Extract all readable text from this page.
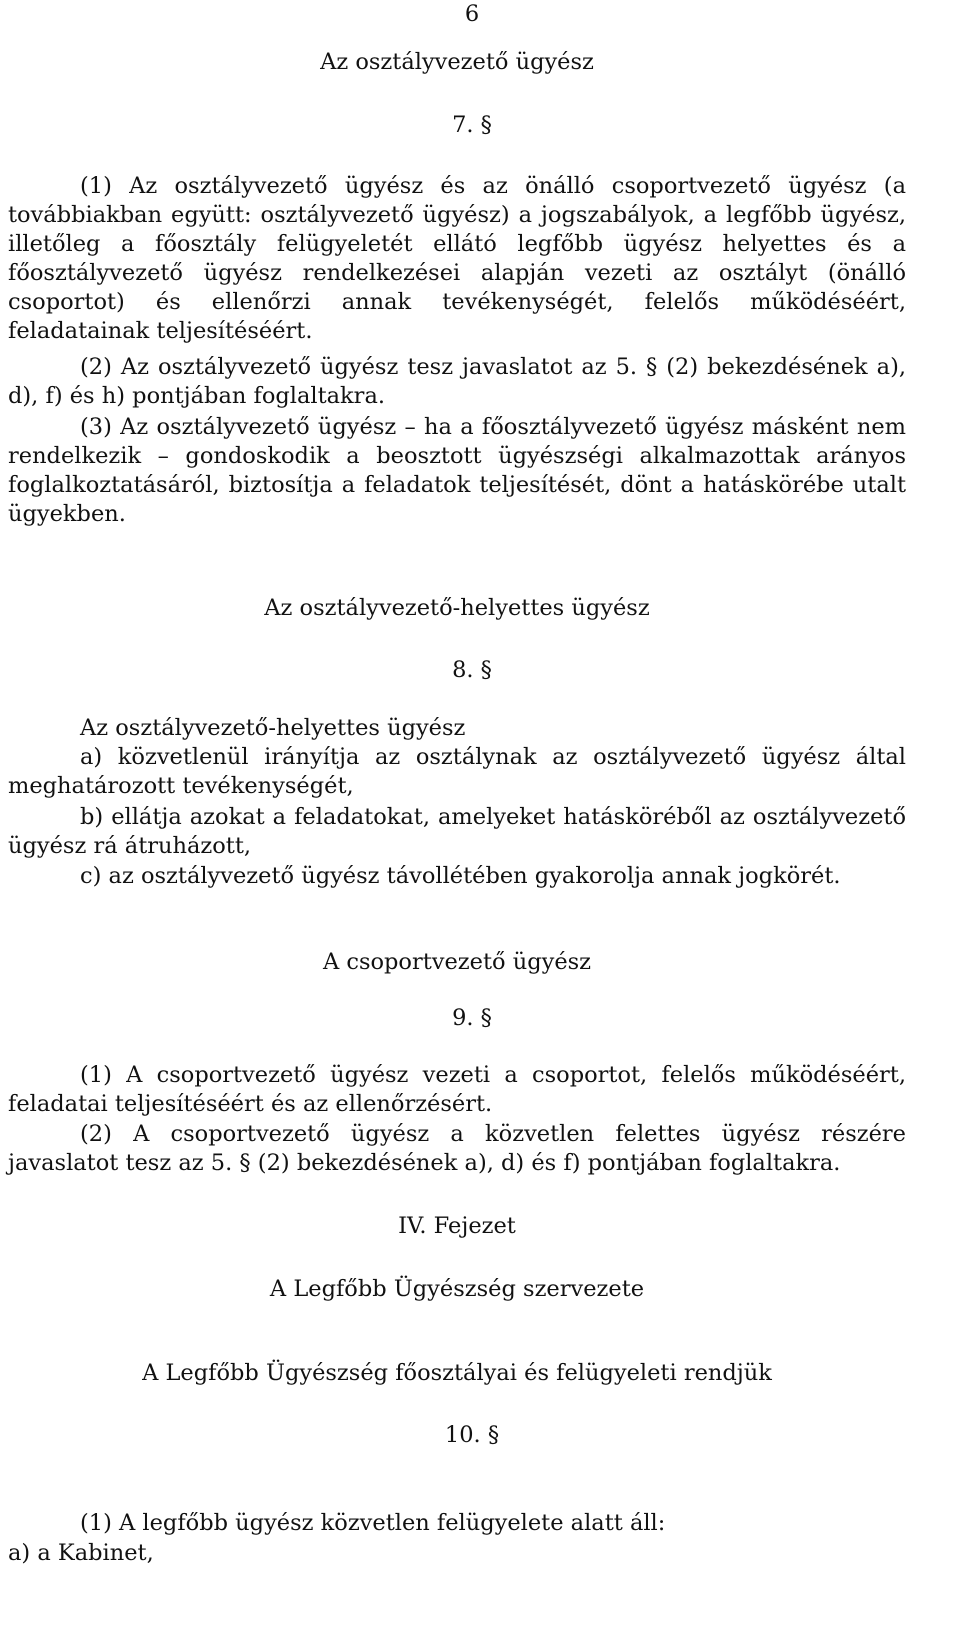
6
Az osztályvezető ügyész
7. §

(1) Az osztályvezető ügyész és az önálló csoportvezető ügyész (a továbbiakban együtt: osztályvezető ügyész) a jogszabályok, a legfőbb ügyész, illetőleg a főosztály felügyeletét ellátó legfőbb ügyész helyettes és a főosztályvezető ügyész rendelkezései alapján vezeti az osztályt (önálló csoportot) és ellenőrzi annak tevékenységét, felelős működéséért, feladatainak teljesítéséért.

(2) Az osztályvezető ügyész tesz javaslatot az 5. § (2) bekezdésének a), d), f) és h) pontjában foglaltakra.

(3) Az osztályvezető ügyész – ha a főosztályvezető ügyész másként nem rendelkezik – gondoskodik a beosztott ügyészségi alkalmazottak arányos foglalkoztatásáról, biztosítja a feladatok teljesítését, dönt a hatáskörébe utalt ügyekben.

Az osztályvezető-helyettes ügyész
8. §

Az osztályvezető-helyettes ügyész

a) közvetlenül irányítja az osztálynak az osztályvezető ügyész által meghatározott tevékenységét,

b) ellátja azokat a feladatokat, amelyeket hatásköréből az osztályvezető ügyész rá átruházott,

c) az osztályvezető ügyész távollétében gyakorolja annak jogkörét.

A csoportvezető ügyész
9. §

(1) A csoportvezető ügyész vezeti a csoportot, felelős működéséért, feladatai teljesítéséért és az ellenőrzésért.

(2) A csoportvezető ügyész a közvetlen felettes ügyész részére javaslatot tesz az 5. § (2) bekezdésének a), d) és f) pontjában foglaltakra.

IV. Fejezet
A Legfőbb Ügyészség szervezete
A Legfőbb Ügyészség főosztályai és felügyeleti rendjük
10. §

(1) A legfőbb ügyész közvetlen felügyelete alatt áll:

a) a Kabinet,
